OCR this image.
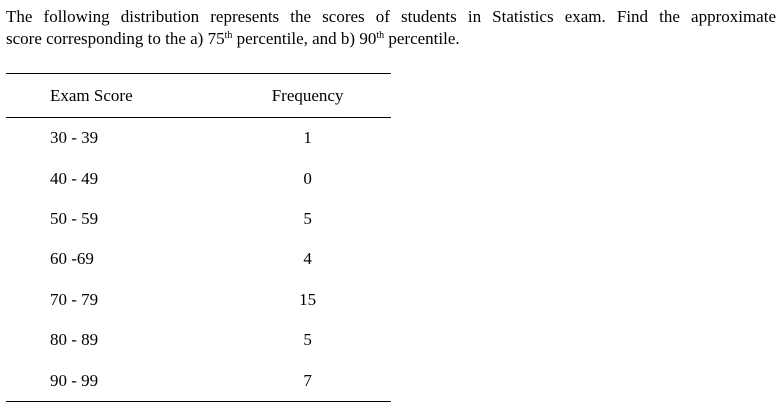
The following distribution represents the scores of students in Statistics exam. Find the approximate
score corresponding to the a) 75th percentile, and b) 90th percentile.
Exam Score	Frequency
30 - 39	1
40 - 49	0
50 - 59	5
60 -69	4
70 - 79	15
80 - 89	5
90 - 99	7
